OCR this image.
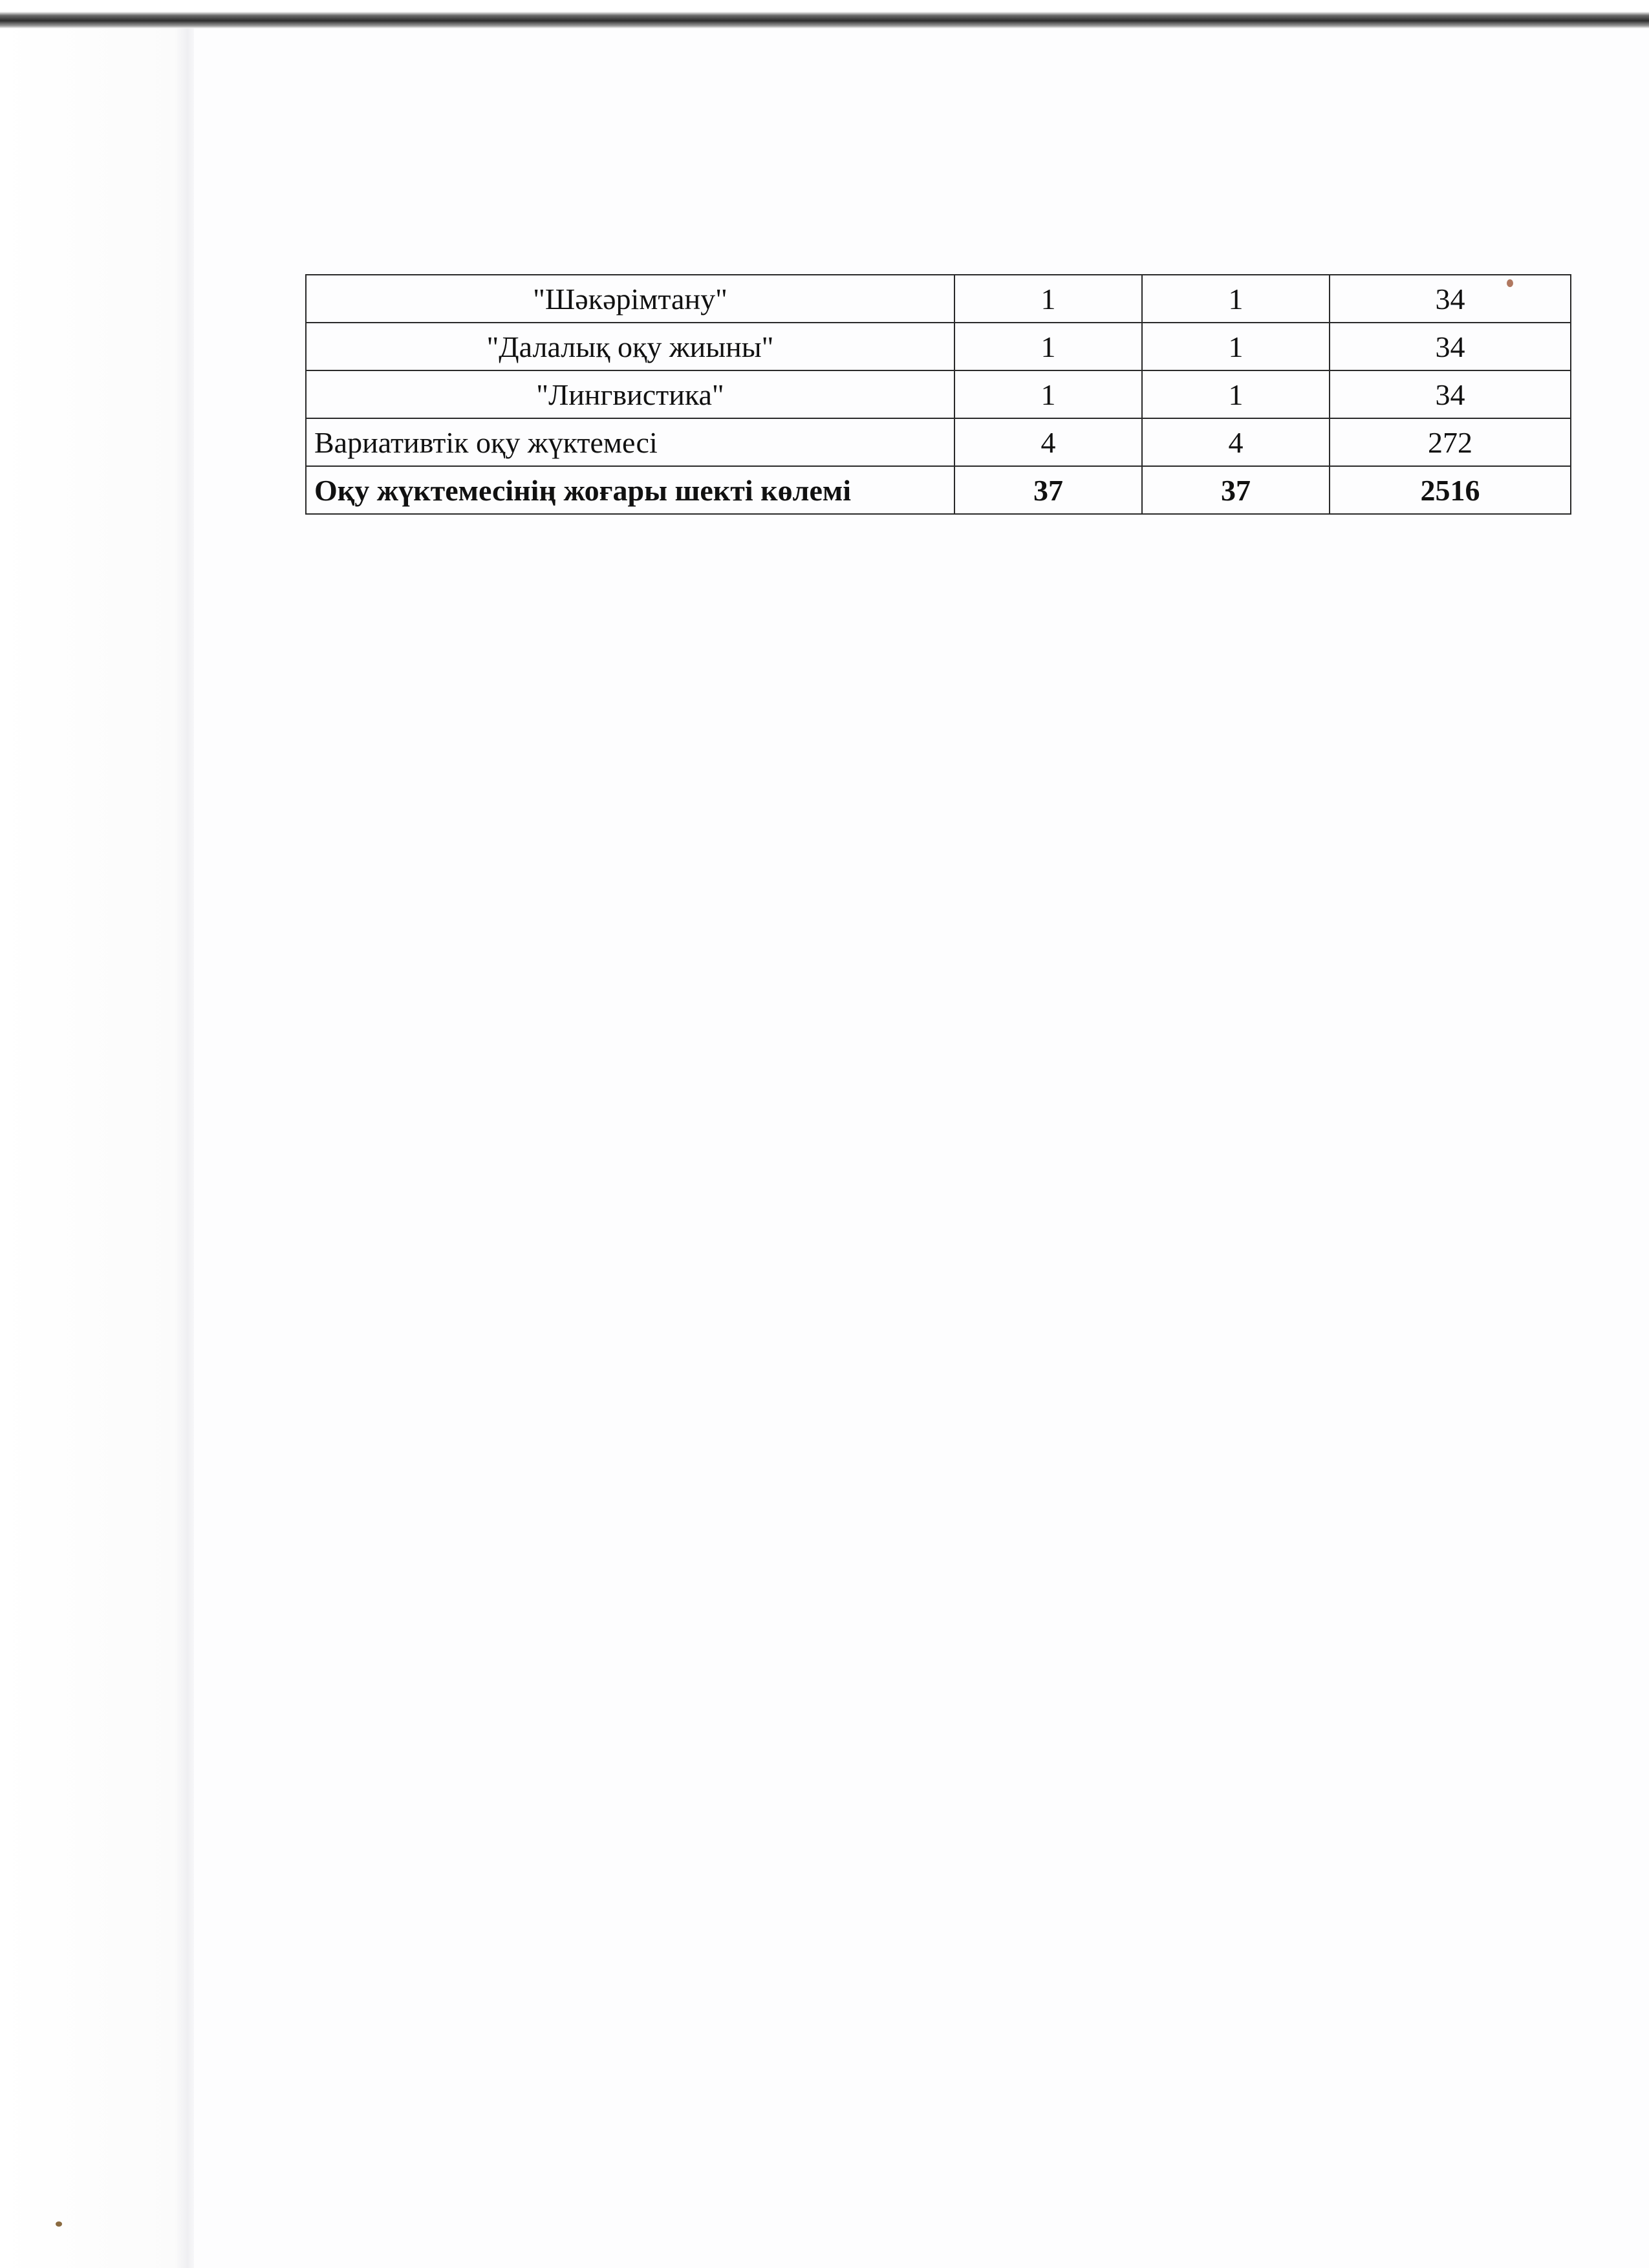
"Шәкәрімтану"	1	1	34
"Далалық оқу жиыны"	1	1	34
"Лингвистика"	1	1	34
Вариативтік оқу жүктемесі	4	4	272
Оқу жүктемесінің жоғары шекті көлемі	37	37	2516
